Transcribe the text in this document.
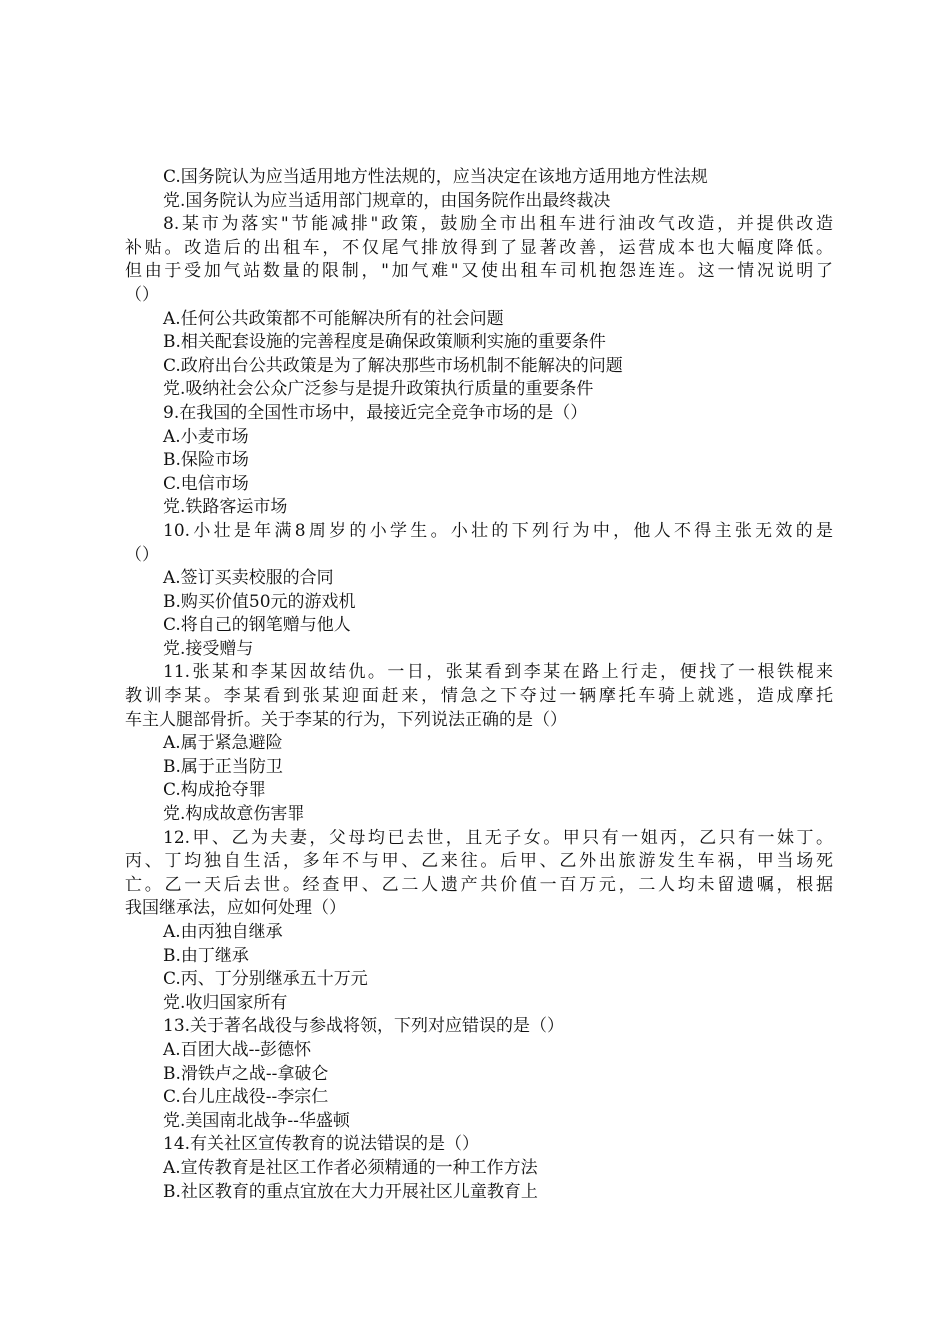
C.国务院认为应当适用地方性法规的，应当决定在该地方适用地方性法规
党.国务院认为应当适用部门规章的，由国务院作出最终裁决
8.某市为落实"节能减排"政策，鼓励全市出租车进行油改气改造，并提供改造
补贴。改造后的出租车，不仅尾气排放得到了显著改善，运营成本也大幅度降低。
但由于受加气站数量的限制，"加气难"又使出租车司机抱怨连连。这一情况说明了
（）
A.任何公共政策都不可能解决所有的社会问题
B.相关配套设施的完善程度是确保政策顺利实施的重要条件
C.政府出台公共政策是为了解决那些市场机制不能解决的问题
党.吸纳社会公众广泛参与是提升政策执行质量的重要条件
9.在我国的全国性市场中，最接近完全竞争市场的是（）
A.小麦市场
B.保险市场
C.电信市场
党.铁路客运市场
10.小壮是年满8周岁的小学生。小壮的下列行为中，他人不得主张无效的是
（）
A.签订买卖校服的合同
B.购买价值50元的游戏机
C.将自己的钢笔赠与他人
党.接受赠与
11.张某和李某因故结仇。一日，张某看到李某在路上行走，便找了一根铁棍来
教训李某。李某看到张某迎面赶来，情急之下夺过一辆摩托车骑上就逃，造成摩托
车主人腿部骨折。关于李某的行为，下列说法正确的是（）
A.属于紧急避险
B.属于正当防卫
C.构成抢夺罪
党.构成故意伤害罪
12.甲、乙为夫妻，父母均已去世，且无子女。甲只有一姐丙，乙只有一妹丁。
丙、丁均独自生活，多年不与甲、乙来往。后甲、乙外出旅游发生车祸，甲当场死
亡。乙一天后去世。经查甲、乙二人遗产共价值一百万元，二人均未留遗嘱，根据
我国继承法，应如何处理（）
A.由丙独自继承
B.由丁继承
C.丙、丁分别继承五十万元
党.收归国家所有
13.关于著名战役与参战将领，下列对应错误的是（）
A.百团大战--彭德怀
B.滑铁卢之战--拿破仑
C.台儿庄战役--李宗仁
党.美国南北战争--华盛顿
14.有关社区宣传教育的说法错误的是（）
A.宣传教育是社区工作者必须精通的一种工作方法
B.社区教育的重点宜放在大力开展社区儿童教育上
